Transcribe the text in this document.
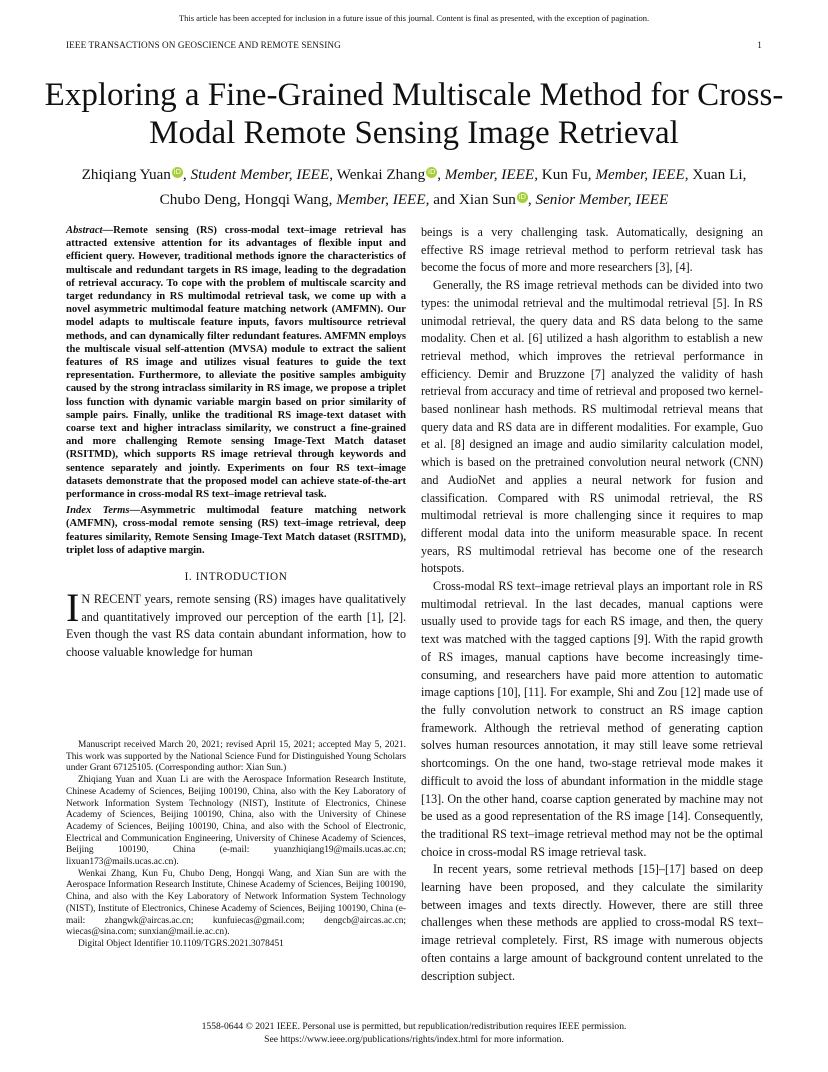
This article has been accepted for inclusion in a future issue of this journal. Content is final as presented, with the exception of pagination.
IEEE TRANSACTIONS ON GEOSCIENCE AND REMOTE SENSING	1
Exploring a Fine-Grained Multiscale Method for Cross-Modal Remote Sensing Image Retrieval
Zhiqiang Yuan iD , Student Member, IEEE, Wenkai Zhang iD , Member, IEEE, Kun Fu, Member, IEEE, Xuan Li,
Chubo Deng, Hongqi Wang, Member, IEEE, and Xian Sun iD , Senior Member, IEEE

Abstract—Remote sensing (RS) cross-modal text–image retrieval has attracted extensive attention for its advantages of flexible input and efficient query. However, traditional methods ignore the characteristics of multiscale and redundant targets in RS image, leading to the degradation of retrieval accuracy. To cope with the problem of multiscale scarcity and target redundancy in RS multimodal retrieval task, we come up with a novel asymmetric multimodal feature matching network (AMFMN). Our model adapts to multiscale feature inputs, favors multisource retrieval methods, and can dynamically filter redundant features. AMFMN employs the multiscale visual self-attention (MVSA) module to extract the salient features of RS image and utilizes visual features to guide the text representation. Furthermore, to alleviate the positive samples ambiguity caused by the strong intraclass similarity in RS image, we propose a triplet loss function with dynamic variable margin based on prior similarity of sample pairs. Finally, unlike the traditional RS image-text dataset with coarse text and higher intraclass similarity, we construct a fine-grained and more challenging Remote sensing Image-Text Match dataset (RSITMD), which supports RS image retrieval through keywords and sentence separately and jointly. Experiments on four RS text–image datasets demonstrate that the proposed model can achieve state-of-the-art performance in cross-modal RS text–image retrieval task.

Index Terms—Asymmetric multimodal feature matching network (AMFMN), cross-modal remote sensing (RS) text–image retrieval, deep features similarity, Remote Sensing Image-Text Match dataset (RSITMD), triplet loss of adaptive margin.

I. INTRODUCTION

I N RECENT years, remote sensing (RS) images have qualitatively and quantitatively improved our perception of the earth [1], [2]. Even though the vast RS data contain abundant information, how to choose valuable knowledge for human

Manuscript received March 20, 2021; revised April 15, 2021; accepted May 5, 2021. This work was supported by the National Science Fund for Distinguished Young Scholars under Grant 67125105. (Corresponding author: Xian Sun.)

Zhiqiang Yuan and Xuan Li are with the Aerospace Information Research Institute, Chinese Academy of Sciences, Beijing 100190, China, also with the Key Laboratory of Network Information System Technology (NIST), Institute of Electronics, Chinese Academy of Sciences, Beijing 100190, China, also with the University of Chinese Academy of Sciences, Beijing 100190, China, and also with the School of Electronic, Electrical and Communication Engineering, University of Chinese Academy of Sciences, Beijing 100190, China (e-mail: yuanzhiqiang19@mails.ucas.ac.cn; lixuan173@mails.ucas.ac.cn).

Wenkai Zhang, Kun Fu, Chubo Deng, Hongqi Wang, and Xian Sun are with the Aerospace Information Research Institute, Chinese Academy of Sciences, Beijing 100190, China, and also with the Key Laboratory of Network Information System Technology (NIST), Institute of Electronics, Chinese Academy of Sciences, Beijing 100190, China (e-mail: zhangwk@aircas.ac.cn; kunfuiecas@gmail.com; dengcb@aircas.ac.cn; wiecas@sina.com; sunxian@mail.ie.ac.cn).

Digital Object Identifier 10.1109/TGRS.2021.3078451

beings is a very challenging task. Automatically, designing an effective RS image retrieval method to perform retrieval task has become the focus of more and more researchers [3], [4].

Generally, the RS image retrieval methods can be divided into two types: the unimodal retrieval and the multimodal retrieval [5]. In RS unimodal retrieval, the query data and RS data belong to the same modality. Chen et al. [6] utilized a hash algorithm to establish a new retrieval method, which improves the retrieval performance in efficiency. Demir and Bruzzone [7] analyzed the validity of hash retrieval from accuracy and time of retrieval and proposed two kernel-based nonlinear hash methods. RS multimodal retrieval means that query data and RS data are in different modalities. For example, Guo et al. [8] designed an image and audio similarity calculation model, which is based on the pretrained convolution neural network (CNN) and AudioNet and applies a neural network for fusion and classification. Compared with RS unimodal retrieval, the RS multimodal retrieval is more challenging since it requires to map different modal data into the uniform measurable space. In recent years, RS multimodal retrieval has become one of the research hotspots.

Cross-modal RS text–image retrieval plays an important role in RS multimodal retrieval. In the last decades, manual captions were usually used to provide tags for each RS image, and then, the query text was matched with the tagged captions [9]. With the rapid growth of RS images, manual captions have become increasingly time-consuming, and researchers have paid more attention to automatic image captions [10], [11]. For example, Shi and Zou [12] made use of the fully convolution network to construct an RS image caption framework. Although the retrieval method of generating caption solves human resources annotation, it may still leave some retrieval shortcomings. On the one hand, two-stage retrieval mode makes it difficult to avoid the loss of abundant information in the middle stage [13]. On the other hand, coarse caption generated by machine may not be used as a good representation of the RS image [14]. Consequently, the traditional RS text–image retrieval method may not be the optimal choice in cross-modal RS image retrieval task.

In recent years, some retrieval methods [15]–[17] based on deep learning have been proposed, and they calculate the similarity between images and texts directly. However, there are still three challenges when these methods are applied to cross-modal RS text–image retrieval completely. First, RS image with numerous objects often contains a large amount of background content unrelated to the description subject.

1558-0644 © 2021 IEEE. Personal use is permitted, but republication/redistribution requires IEEE permission.
See https://www.ieee.org/publications/rights/index.html for more information.
